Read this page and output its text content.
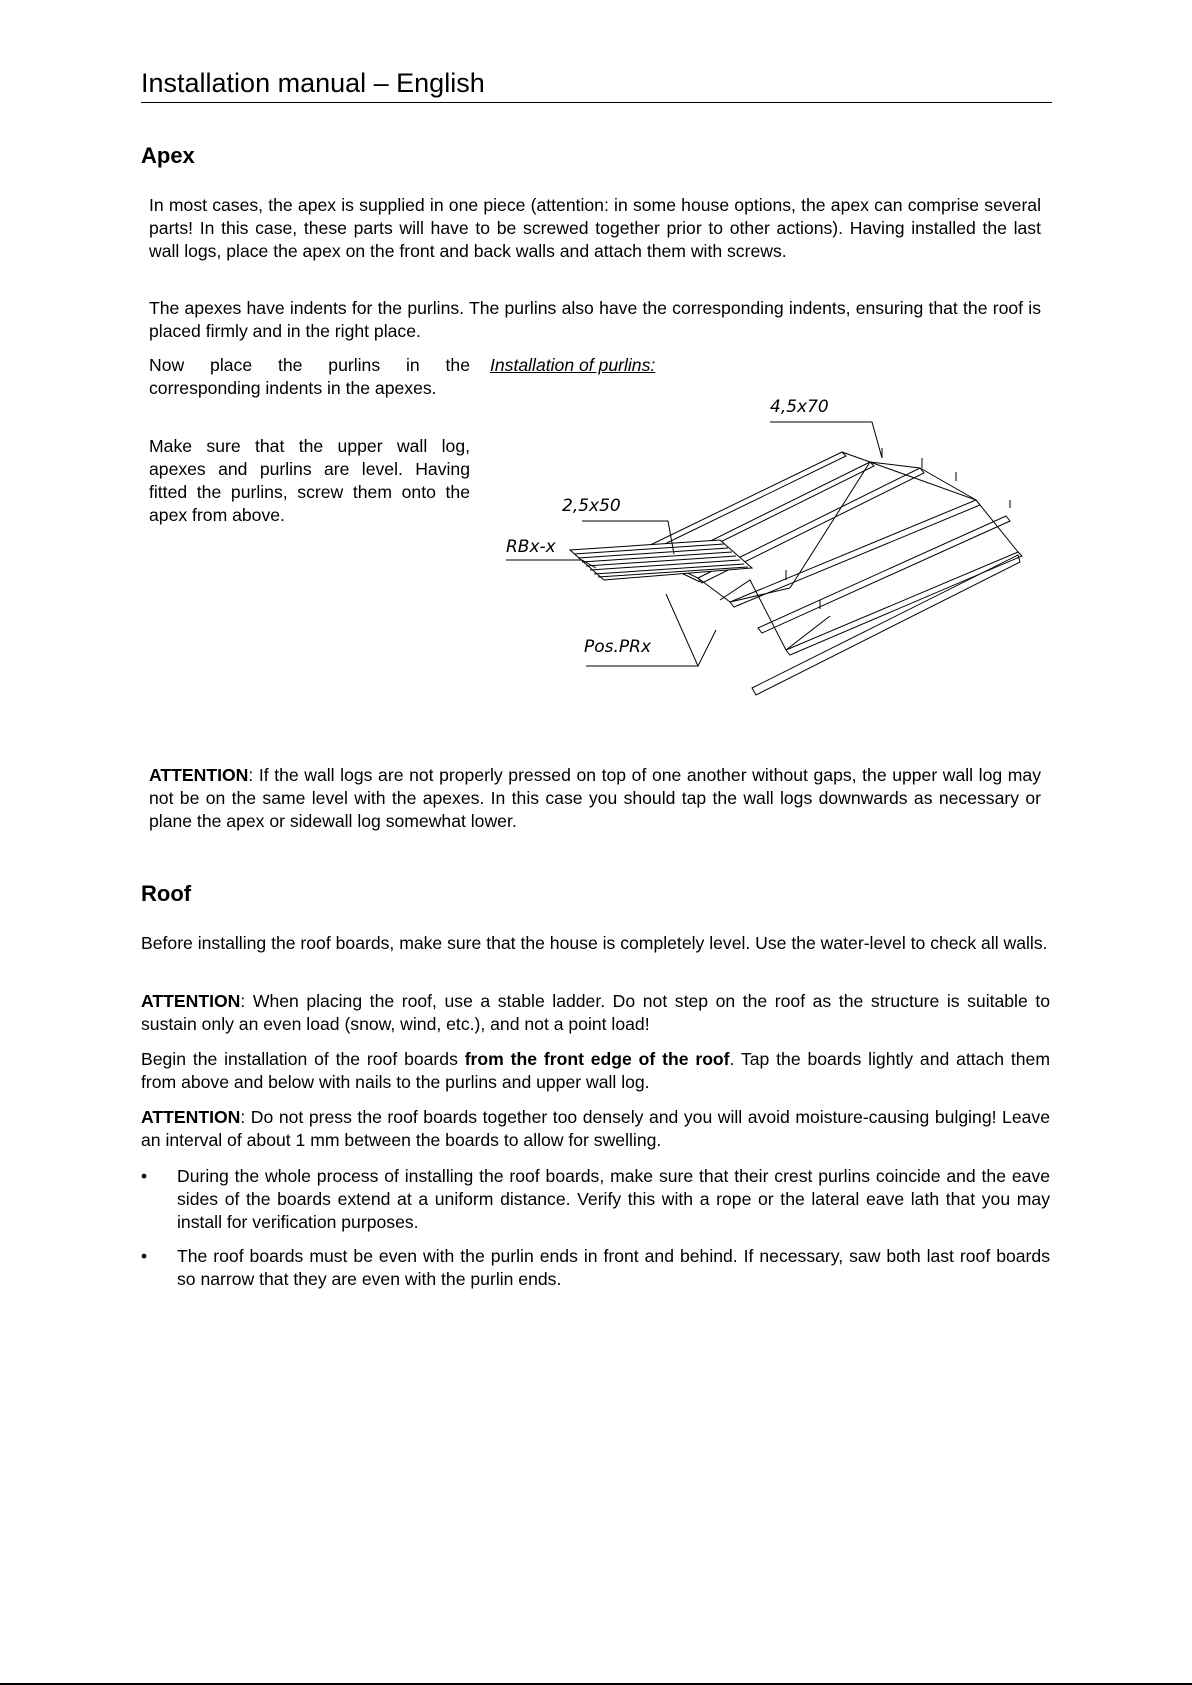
Installation manual – English
Apex
In most cases, the apex is supplied in one piece (attention: in some house options, the apex can comprise several parts! In this case, these parts will have to be screwed together prior to other actions). Having installed the last wall logs, place the apex on the front and back walls and attach them with screws.
The apexes have indents for the purlins. The purlins also have the corresponding indents, ensuring that the roof is placed firmly and in the right place.
Now place the purlins in the corresponding indents in the apexes.
Make sure that the upper wall log, apexes and purlins are level. Having fitted the purlins, screw them onto the apex from above.
Installation of purlins:
4,5x70
2,5x50
RBx-x
Pos.PRx
ATTENTION: If the wall logs are not properly pressed on top of one another without gaps, the upper wall log may not be on the same level with the apexes. In this case you should tap the wall logs downwards as necessary or plane the apex or sidewall log somewhat lower.
Roof
Before installing the roof boards, make sure that the house is completely level. Use the water-level to check all walls.
ATTENTION: When placing the roof, use a stable ladder. Do not step on the roof as the structure is suitable to sustain only an even load (snow, wind, etc.), and not a point load!
Begin the installation of the roof boards from the front edge of the roof. Tap the boards lightly and attach them from above and below with nails to the purlins and upper wall log.
ATTENTION: Do not press the roof boards together too densely and you will avoid moisture-causing bulging! Leave an interval of about 1 mm between the boards to allow for swelling.
•	During the whole process of installing the roof boards, make sure that their crest purlins coincide and the eave sides of the boards extend at a uniform distance. Verify this with a rope or the lateral eave lath that you may install for verification purposes.
•	The roof boards must be even with the purlin ends in front and behind. If necessary, saw both last roof boards so narrow that they are even with the purlin ends.
